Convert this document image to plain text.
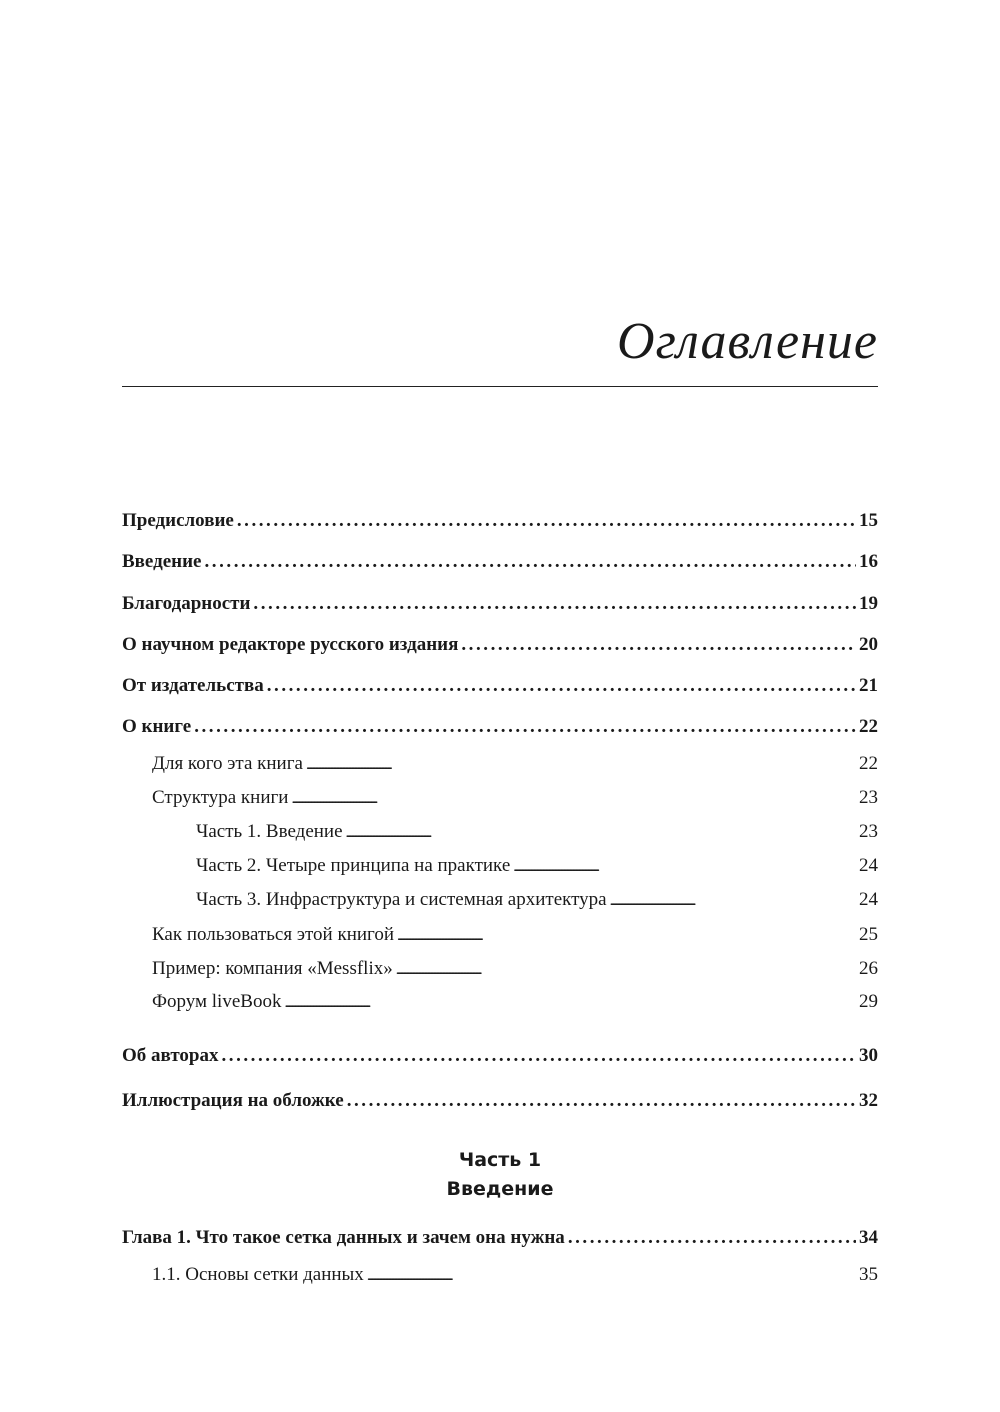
Оглавление
Предисловие . . .	15
Введение . . .	16
Благодарности . . .	19
О научном редакторе русского издания . . .	20
От издательства . . .	21
О книге . . .	22
Для кого эта книга . . .	22
Структура книги . . .	23
Часть 1. Введение . . .	23
Часть 2. Четыре принципа на практике . . .	24
Часть 3. Инфраструктура и системная архитектура . . .	24
Как пользоваться этой книгой . . .	25
Пример: компания «Messflix» . . .	26
Форум liveBook . . .	29
Об авторах . . .	30
Иллюстрация на обложке . . .	32
Часть 1
Введение
Глава 1. Что такое сетка данных и зачем она нужна . . .	34
1.1. Основы сетки данных . . .	35
